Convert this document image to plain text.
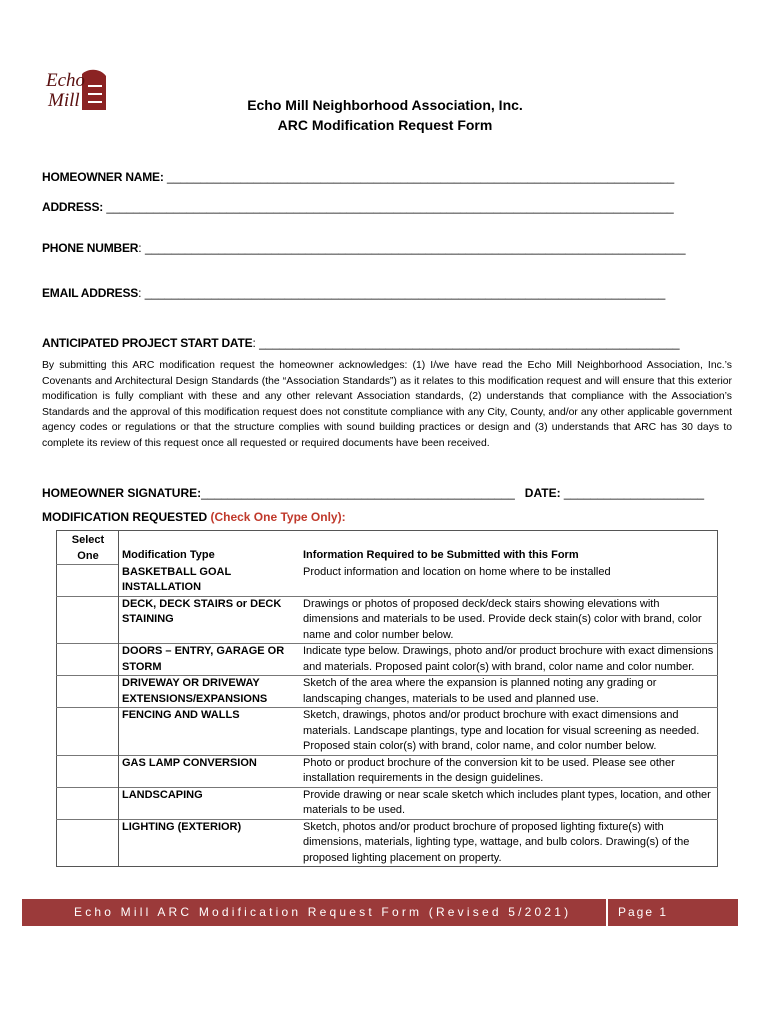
Echo
Mill	Echo Mill Neighborhood Association, Inc.
ARC Modification Request Form
HOMEOWNER NAME: ____________________________________________________________________________
ADDRESS: _____________________________________________________________________________________
PHONE NUMBER: _________________________________________________________________________________
EMAIL ADDRESS: ______________________________________________________________________________
ANTICIPATED PROJECT START DATE: _______________________________________________________________
By submitting this ARC modification request the homeowner acknowledges: (1) I/we have read the Echo Mill Neighborhood Association, Inc.’s Covenants and Architectural Design Standards (the “Association Standards”) as it relates to this modification request and will ensure that this exterior modification is fully compliant with these and any other relevant Association standards, (2) understands that compliance with the Association’s Standards and the approval of this modification request does not constitute compliance with any City, County, and/or any other applicable government agency codes or regulations or that the structure complies with sound building practices or design and (3) understands that ARC has 30 days to complete its review of this request once all requested or required documents have been received.
HOMEOWNER SIGNATURE:_______________________________________________ DATE: _____________________
MODIFICATION REQUESTED (Check One Type Only):
Select One	Modification Type	Information Required to be Submitted with this Form
	BASKETBALL GOAL INSTALLATION	Product information and location on home where to be installed
	DECK, DECK STAIRS or DECK STAINING	Drawings or photos of proposed deck/deck stairs showing elevations with dimensions and materials to be used. Provide deck stain(s) color with brand, color name and color number below.
	DOORS – ENTRY, GARAGE OR STORM	Indicate type below. Drawings, photo and/or product brochure with exact dimensions and materials. Proposed paint color(s) with brand, color name and color number.
	DRIVEWAY OR DRIVEWAY EXTENSIONS/EXPANSIONS	Sketch of the area where the expansion is planned noting any grading or landscaping changes, materials to be used and planned use.
	FENCING AND WALLS	Sketch, drawings, photos and/or product brochure with exact dimensions and materials. Landscape plantings, type and location for visual screening as needed. Proposed stain color(s) with brand, color name, and color number below.
	GAS LAMP CONVERSION	Photo or product brochure of the conversion kit to be used. Please see other installation requirements in the design guidelines.
	LANDSCAPING	Provide drawing or near scale sketch which includes plant types, location, and other materials to be used.
	LIGHTING (EXTERIOR)	Sketch, photos and/or product brochure of proposed lighting fixture(s) with dimensions, materials, lighting type, wattage, and bulb colors. Drawing(s) of the proposed lighting placement on property.
Echo Mill ARC Modification Request Form (Revised 5/2021)	Page 1
